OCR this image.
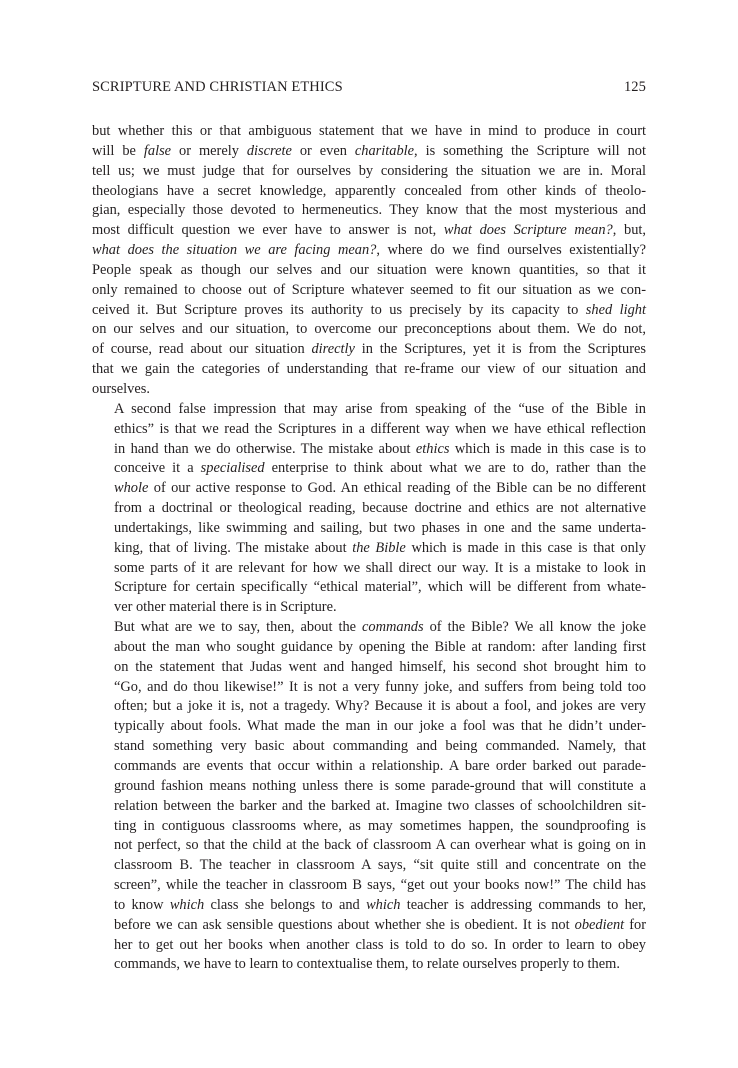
SCRIPTURE AND CHRISTIAN ETHICS	125

but whether this or that ambiguous statement that we have in mind to produce in court
will be false or merely discrete or even charitable, is something the Scripture will not
tell us; we must judge that for ourselves by considering the situation we are in. Moral
theologians have a secret knowledge, apparently concealed from other kinds of theolo-
gian, especially those devoted to hermeneutics. They know that the most mysterious and
most difficult question we ever have to answer is not, what does Scripture mean?, but,
what does the situation we are facing mean?, where do we find ourselves existentially?
People speak as though our selves and our situation were known quantities, so that it
only remained to choose out of Scripture whatever seemed to fit our situation as we con-
ceived it. But Scripture proves its authority to us precisely by its capacity to shed light
on our selves and our situation, to overcome our preconceptions about them. We do not,
of course, read about our situation directly in the Scriptures, yet it is from the Scriptures
that we gain the categories of understanding that re-frame our view of our situation and
ourselves.

A second false impression that may arise from speaking of the “use of the Bible in
ethics” is that we read the Scriptures in a different way when we have ethical reflection
in hand than we do otherwise. The mistake about ethics which is made in this case is to
conceive it a specialised enterprise to think about what we are to do, rather than the
whole of our active response to God. An ethical reading of the Bible can be no different
from a doctrinal or theological reading, because doctrine and ethics are not alternative
undertakings, like swimming and sailing, but two phases in one and the same underta-
king, that of living. The mistake about the Bible which is made in this case is that only
some parts of it are relevant for how we shall direct our way. It is a mistake to look in
Scripture for certain specifically “ethical material”, which will be different from whate-
ver other material there is in Scripture.

But what are we to say, then, about the commands of the Bible? We all know the joke
about the man who sought guidance by opening the Bible at random: after landing first
on the statement that Judas went and hanged himself, his second shot brought him to
“Go, and do thou likewise!” It is not a very funny joke, and suffers from being told too
often; but a joke it is, not a tragedy. Why? Because it is about a fool, and jokes are very
typically about fools. What made the man in our joke a fool was that he didn’t under-
stand something very basic about commanding and being commanded. Namely, that
commands are events that occur within a relationship. A bare order barked out parade-
ground fashion means nothing unless there is some parade-ground that will constitute a
relation between the barker and the barked at. Imagine two classes of schoolchildren sit-
ting in contiguous classrooms where, as may sometimes happen, the soundproofing is
not perfect, so that the child at the back of classroom A can overhear what is going on in
classroom B. The teacher in classroom A says, “sit quite still and concentrate on the
screen”, while the teacher in classroom B says, “get out your books now!” The child has
to know which class she belongs to and which teacher is addressing commands to her,
before we can ask sensible questions about whether she is obedient. It is not obedient for
her to get out her books when another class is told to do so. In order to learn to obey
commands, we have to learn to contextualise them, to relate ourselves properly to them.
